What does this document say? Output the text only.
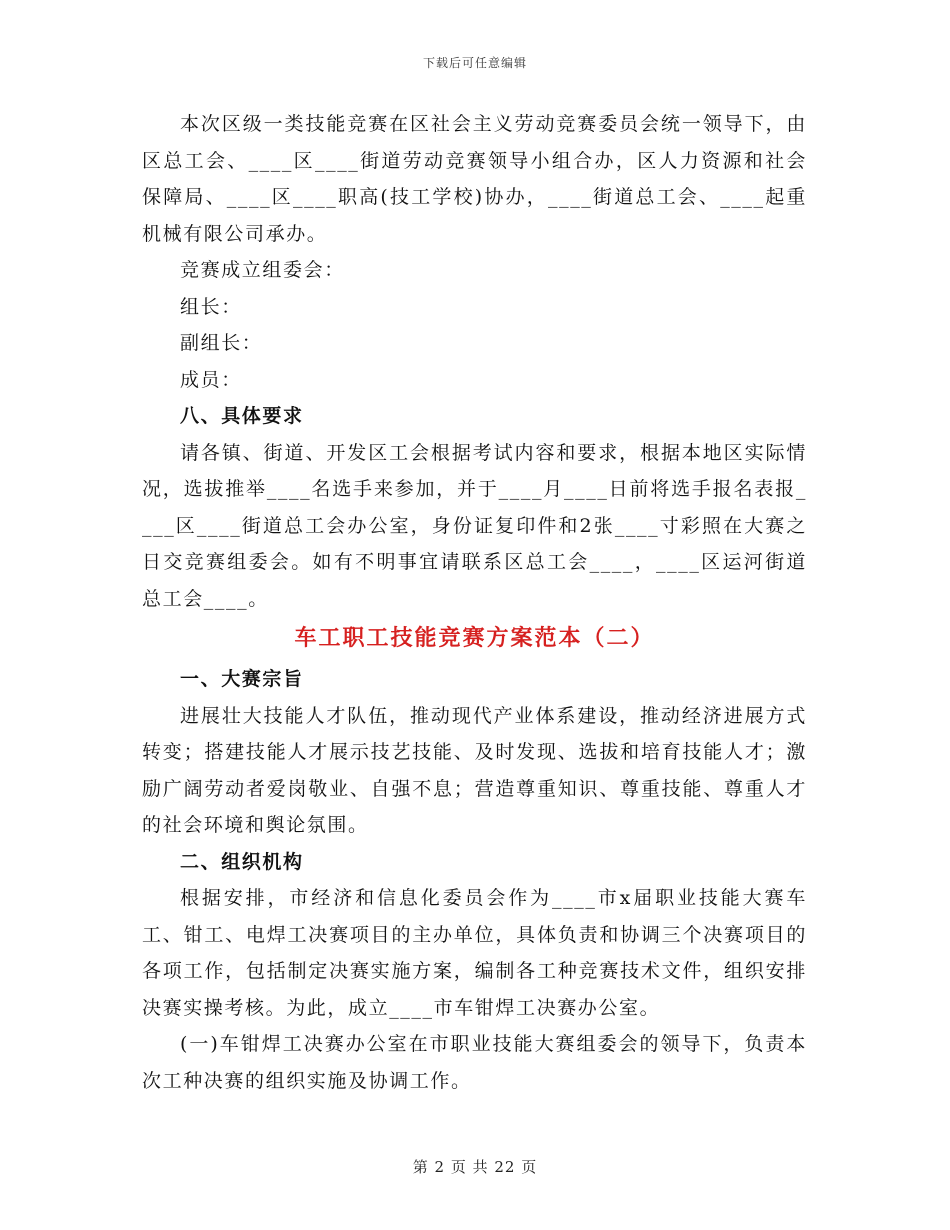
下载后可任意编辑

本次区级一类技能竞赛在区社会主义劳动竞赛委员会统一领导下，由区总工会、____区____街道劳动竞赛领导小组合办，区人力资源和社会保障局、____区____职高(技工学校)协办，____街道总工会、____起重机械有限公司承办。

竞赛成立组委会：

组长：

副组长：

成员：

八、具体要求

请各镇、街道、开发区工会根据考试内容和要求，根据本地区实际情况，选拔推举____名选手来参加，并于____月____日前将选手报名表报____区____街道总工会办公室，身份证复印件和2张____寸彩照在大赛之日交竞赛组委会。如有不明事宜请联系区总工会____，____区运河街道总工会____。

车工职工技能竞赛方案范本（二）

一、大赛宗旨

进展壮大技能人才队伍，推动现代产业体系建设，推动经济进展方式转变；搭建技能人才展示技艺技能、及时发现、选拔和培育技能人才；激励广阔劳动者爱岗敬业、自强不息；营造尊重知识、尊重技能、尊重人才的社会环境和舆论氛围。

二、组织机构

根据安排，市经济和信息化委员会作为____市x届职业技能大赛车工、钳工、电焊工决赛项目的主办单位，具体负责和协调三个决赛项目的各项工作，包括制定决赛实施方案，编制各工种竞赛技术文件，组织安排决赛实操考核。为此，成立____市车钳焊工决赛办公室。

(一)车钳焊工决赛办公室在市职业技能大赛组委会的领导下，负责本次工种决赛的组织实施及协调工作。

第 2 页 共 22 页
